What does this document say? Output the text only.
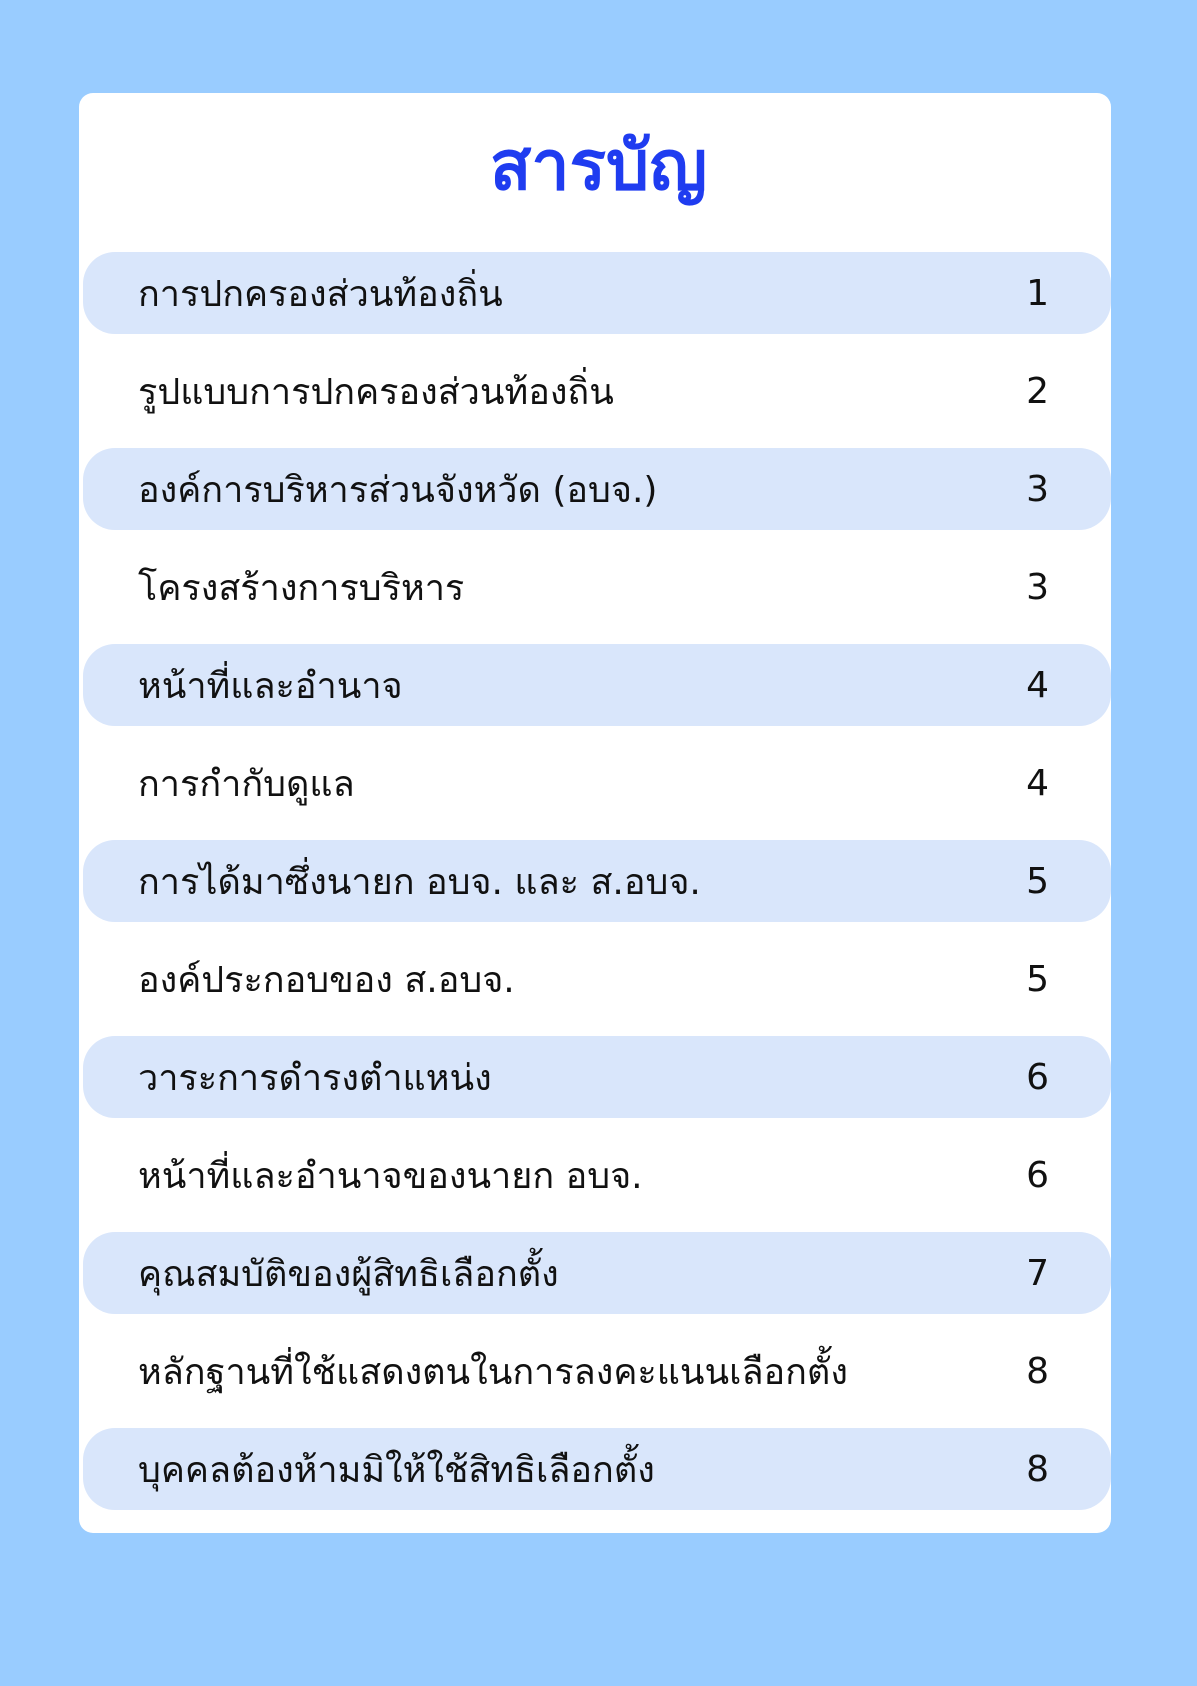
สารบัญ
การปกครองส่วนท้องถิ่น	1
รูปแบบการปกครองส่วนท้องถิ่น	2
องค์การบริหารส่วนจังหวัด (อบจ.)	3
โครงสร้างการบริหาร	3
หน้าที่และอำนาจ	4
การกำกับดูแล	4
การได้มาซึ่งนายก อบจ. และ ส.อบจ.	5
องค์ประกอบของ ส.อบจ.	5
วาระการดำรงตำแหน่ง	6
หน้าที่และอำนาจของนายก อบจ.	6
คุณสมบัติของผู้สิทธิเลือกตั้ง	7
หลักฐานที่ใช้แสดงตนในการลงคะแนนเลือกตั้ง	8
บุคคลต้องห้ามมิให้ใช้สิทธิเลือกตั้ง	8
